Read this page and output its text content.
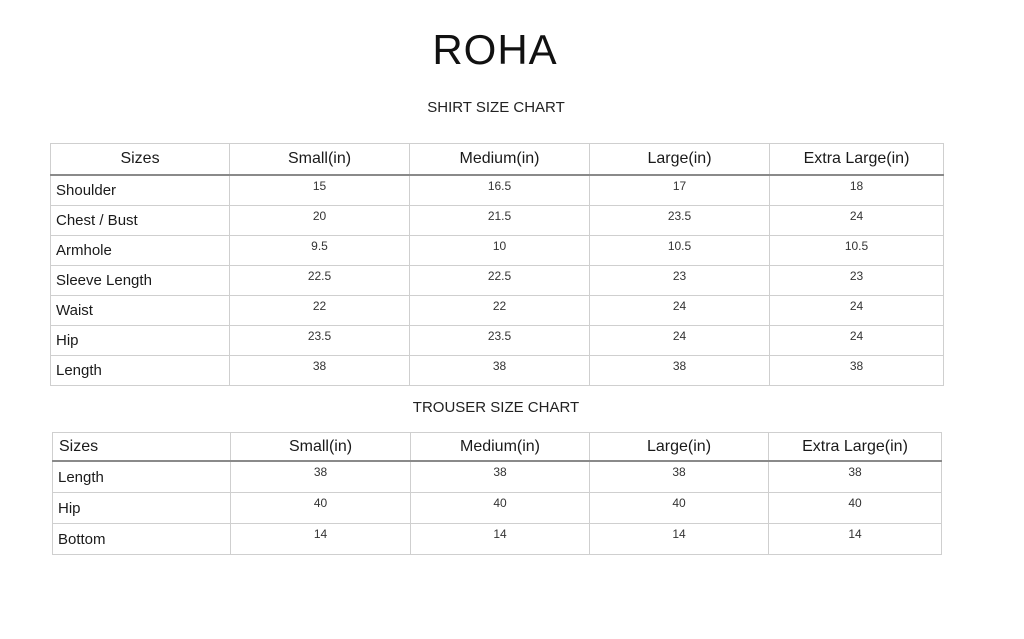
ROHA
SHIRT SIZE CHART
Sizes	Small(in)	Medium(in)	Large(in)	Extra Large(in)
Shoulder	15	16.5	17	18
Chest / Bust	20	21.5	23.5	24
Armhole	9.5	10	10.5	10.5
Sleeve Length	22.5	22.5	23	23
Waist	22	22	24	24
Hip	23.5	23.5	24	24
Length	38	38	38	38
TROUSER SIZE CHART
Sizes	Small(in)	Medium(in)	Large(in)	Extra Large(in)
Length	38	38	38	38
Hip	40	40	40	40
Bottom	14	14	14	14
